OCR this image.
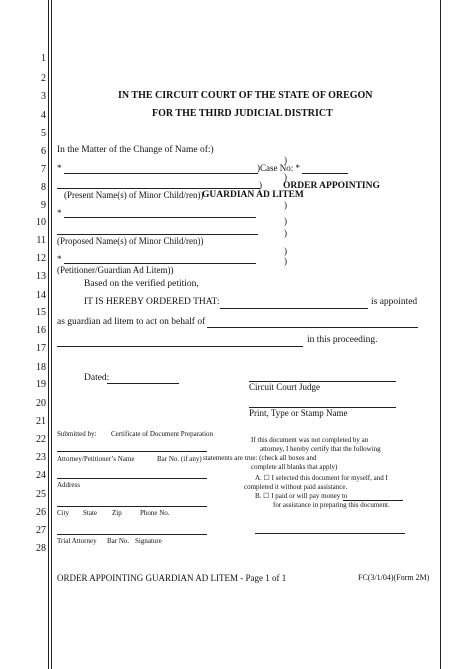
1
2
3
4
5
6
7
8
9
10
11
12
13
14
15
16
17
18
19
20
21
22
23
24
25
26
27
28
IN THE CIRCUIT COURT OF THE STATE OF OREGON
FOR THE THIRD JUDICIAL DISTRICT
In the Matter of the Change of Name of:)
)
*	)Case No: *
)
) ORDER APPOINTING
(Present Name(s) of Minor Child/ren))
GUARDIAN AD LITEM
)
*
)
)
(Proposed Name(s) of Minor Child/ren))
)
*	)
(Petitioner/Guardian Ad Litem))
Based on the verified petition,
IT IS HEREBY ORDERED THAT:	is appointed
as guardian ad litem to act on behalf of
in this proceeding.
Dated:
Circuit Court Judge
Print, Type or Stamp Name
Submitted by: Certificate of Document Preparation
Attorney/Petitioner’s Name	Bar No. (if any)
Address
City State Zip	Phone No.
Trial Attorney Bar No. Signature
If this document was not completed by an
attorney, I hereby certify that the following
statements are true: (check all boxes and
complete all blanks that apply)
A. ☐ I selected this document for myself, and I
completed it without paid assistance.
B. ☐ I paid or will pay money to
for assistance in preparing this document.
ORDER APPOINTING GUARDIAN AD LITEM - Page 1 of 1	FC(3/1/04)(Form 2M)
